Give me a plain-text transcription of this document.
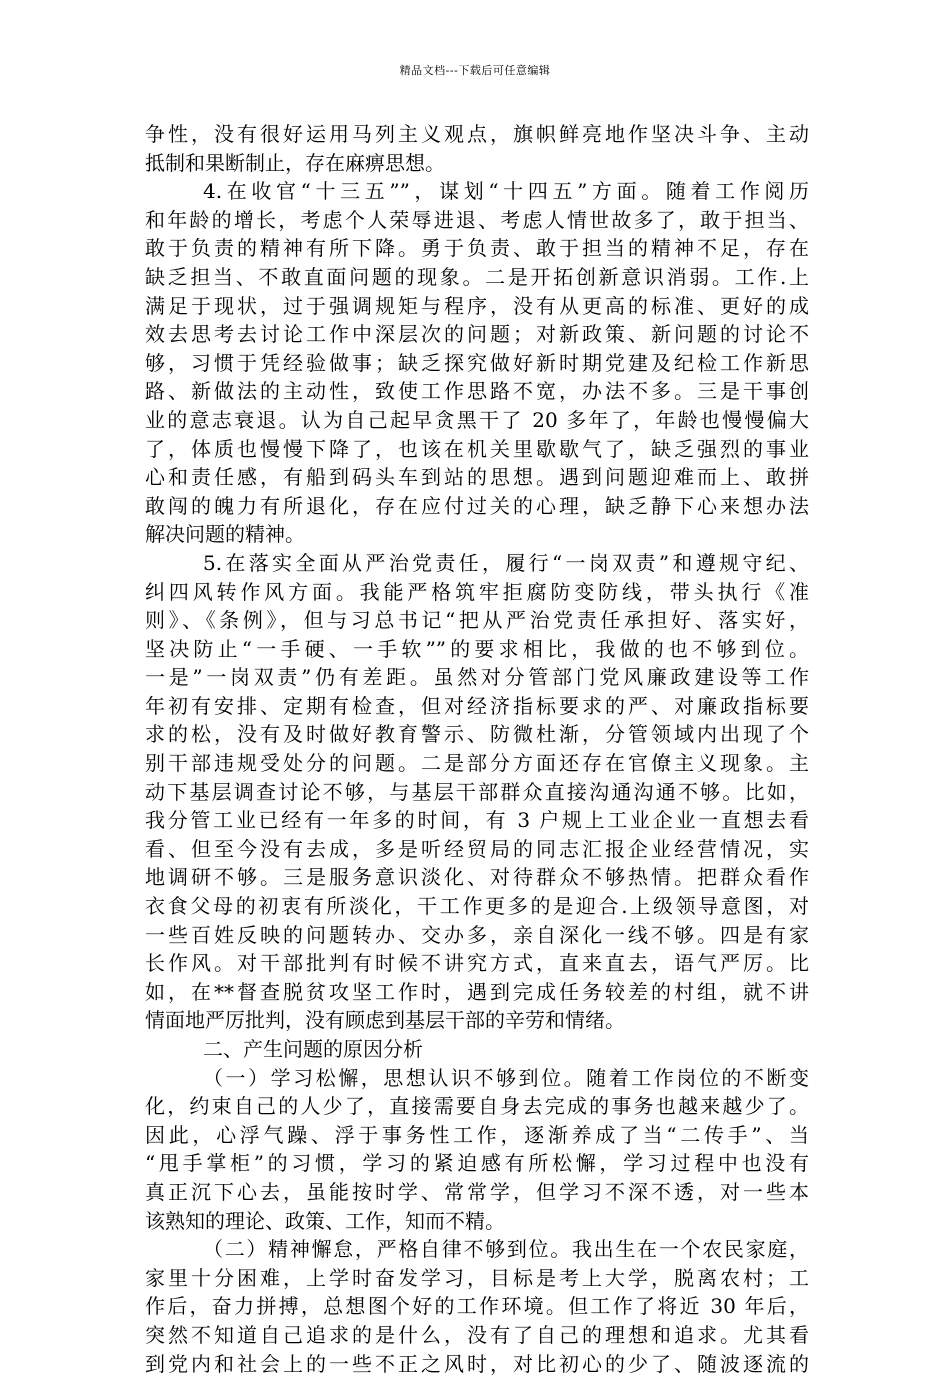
精品文档---下载后可任意编辑
争性，没有很好运用马列主义观点，旗帜鲜亮地作坚决斗争、主动
抵制和果断制止，存在麻痹思想。
4.在收官“十三五””，谋划“十四五”方面。随着工作阅历
和年龄的增长，考虑个人荣辱进退、考虑人情世故多了，敢于担当、
敢于负责的精神有所下降。勇于负责、敢于担当的精神不足，存在
缺乏担当、不敢直面问题的现象。二是开拓创新意识消弱。工作.上
满足于现状，过于强调规矩与程序，没有从更高的标准、更好的成
效去思考去讨论工作中深层次的问题；对新政策、新问题的讨论不
够，习惯于凭经验做事；缺乏探究做好新时期党建及纪检工作新思
路、新做法的主动性，致使工作思路不宽，办法不多。三是干事创
业的意志衰退。认为自己起早贪黑干了 20 多年了，年龄也慢慢偏大
了，体质也慢慢下降了，也该在机关里歇歇气了，缺乏强烈的事业
心和责任感，有船到码头车到站的思想。遇到问题迎难而上、敢拼
敢闯的魄力有所退化，存在应付过关的心理，缺乏静下心来想办法
解决问题的精神。
5.在落实全面从严治党责任，履行“一岗双责”和遵规守纪、
纠四风转作风方面。我能严格筑牢拒腐防变防线，带头执行《准
则》、《条例》，但与习总书记“把从严治党责任承担好、落实好，
坚决防止“一手硬、一手软””的要求相比，我做的也不够到位。
一是”一岗双责”仍有差距。虽然对分管部门党风廉政建设等工作
年初有安排、定期有检查，但对经济指标要求的严、对廉政指标要
求的松，没有及时做好教育警示、防微杜渐，分管领域内出现了个
别干部违规受处分的问题。二是部分方面还存在官僚主义现象。主
动下基层调查讨论不够，与基层干部群众直接沟通沟通不够。比如，
我分管工业已经有一年多的时间，有 3 户规上工业企业一直想去看
看、但至今没有去成，多是听经贸局的同志汇报企业经营情况，实
地调研不够。三是服务意识淡化、对待群众不够热情。把群众看作
衣食父母的初衷有所淡化，干工作更多的是迎合.上级领导意图，对
一些百姓反映的问题转办、交办多，亲自深化一线不够。四是有家
长作风。对干部批判有时候不讲究方式，直来直去，语气严厉。比
如，在**督查脱贫攻坚工作时，遇到完成任务较差的村组，就不讲
情面地严厉批判，没有顾虑到基层干部的辛劳和情绪。
二、产生问题的原因分析
（一）学习松懈，思想认识不够到位。随着工作岗位的不断变
化，约束自己的人少了，直接需要自身去完成的事务也越来越少了。
因此，心浮气躁、浮于事务性工作，逐渐养成了当“二传手”、当
“甩手掌柜”的习惯，学习的紧迫感有所松懈，学习过程中也没有
真正沉下心去，虽能按时学、常常学，但学习不深不透，对一些本
该熟知的理论、政策、工作，知而不精。
（二）精神懈怠，严格自律不够到位。我出生在一个农民家庭，
家里十分困难，上学时奋发学习，目标是考上大学，脱离农村；工
作后，奋力拼搏，总想图个好的工作环境。但工作了将近 30 年后，
突然不知道自己追求的是什么，没有了自己的理想和追求。尤其看
到党内和社会上的一些不正之风时，对比初心的少了、随波逐流的
